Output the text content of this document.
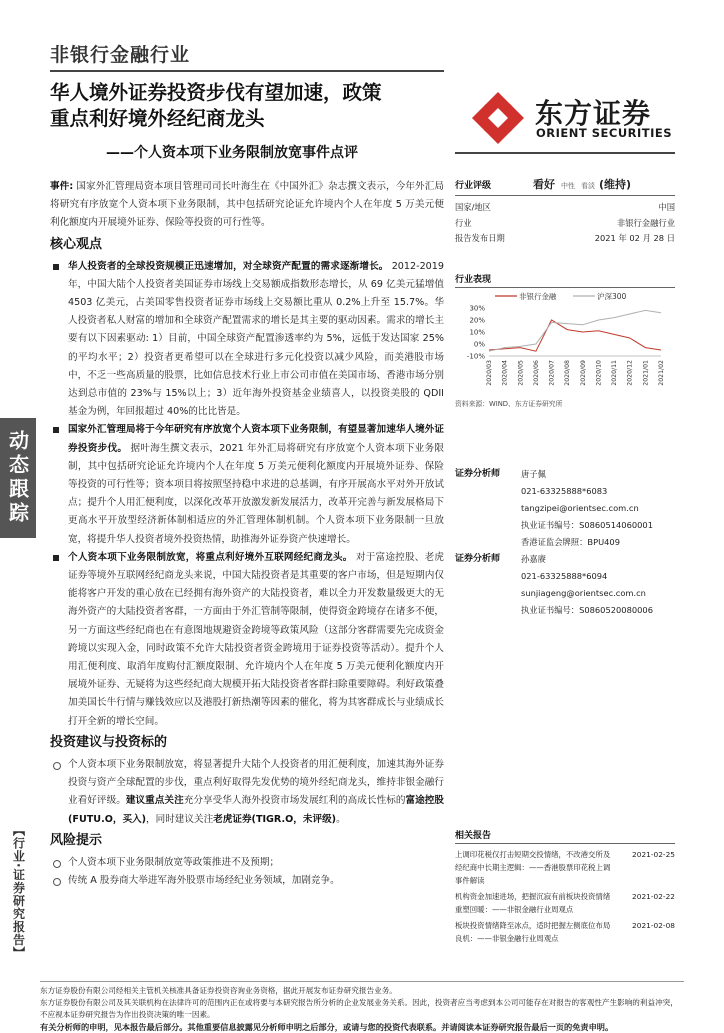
动态跟踪
【行业·证券研究报告】
非银行金融行业
华人境外证券投资步伐有望加速，政策
重点利好境外经纪商龙头
——个人资本项下业务限制放宽事件点评
东方证券
ORIENT SECURITIES

事件: 国家外汇管理局资本项目管理司司长叶海生在《中国外汇》杂志撰文表示，今年外汇局将研究有序放宽个人资本项下业务限制，其中包括研究论证允许境内个人在年度 5 万美元便利化额度内开展境外证券、保险等投资的可行性等。

核心观点

华人投资者的全球投资规模正迅速增加，对全球资产配置的需求逐渐增长。 2012-2019 年，中国大陆个人投资者美国证券市场线上交易额成指数形态增长，从 69 亿美元猛增值 4503 亿美元，占美国零售投资者证券市场线上交易额比重从 0.2%上升至 15.7%。华人投资者私人财富的增加和全球资产配置需求的增长是其主要的驱动因素。需求的增长主要有以下因素驱动: 1）目前，中国全球资产配置渗透率约为 5%，远低于发达国家 25%的平均水平；2）投资者更希望可以在全球进行多元化投资以减少风险，而美港股市场中，不乏一些高质量的股票，比如信息技术行业上市公司市值在美国市场、香港市场分别达到总市值的 23%与 15%以上；3）近年海外投资基金业绩喜人，以投资美股的 QDII 基金为例，年回报超过 40%的比比皆是。

国家外汇管理局将于今年研究有序放宽个人资本项下业务限制，有望显著加速华人境外证券投资步伐。 据叶海生撰文表示，2021 年外汇局将研究有序放宽个人资本项下业务限制，其中包括研究论证允许境内个人在年度 5 万美元便利化额度内开展境外证券、保险等投资的可行性等；资本项目将按照坚持稳中求进的总基调，有序开展高水平对外开放试点；提升个人用汇便利度，以深化改革开放激发新发展活力，改革开完善与新发展格局下更高水平开放型经济新体制相适应的外汇管理体制机制。个人资本项下业务限制一旦放宽，将提升华人投资者境外投资热情，助推海外证券资产快速增长。

个人资本项下业务限制放宽，将重点利好境外互联网经纪商龙头。 对于富途控股、老虎证券等境外互联网经纪商龙头来说，中国大陆投资者是其重要的客户市场，但是短期内仅能将客户开发的重心放在已经拥有海外资产的大陆投资者，难以全力开发数量级更大的无海外资产的大陆投资者客群，一方面由于外汇管制等限制，使得资金跨境存在诸多不便，另一方面这些经纪商也在有意图地规避资金跨境等政策风险（这部分客群需要先完成资金跨境以实现入金，同时政策不允许大陆投资者资金跨境用于证券投资等活动）。提升个人用汇便利度、取消年度购付汇额度限制、允许境内个人在年度 5 万美元便利化额度内开展境外证券、无疑将为这些经纪商大规模开拓大陆投资者客群扫除重要障碍。利好政策叠加美国长牛行情与赚钱效应以及港股打新热潮等因素的催化，将为其客群成长与业绩成长打开全新的增长空间。

投资建议与投资标的

个人资本项下业务限制放宽，将显著提升大陆个人投资者的用汇便利度，加速其海外证券投资与资产全球配置的步伐，重点利好取得先发优势的境外经纪商龙头，维持非银金融行业看好评级。建议重点关注充分享受华人海外投资市场发展红利的高成长性标的富途控股(FUTU.O，买入)，同时建议关注老虎证券(TIGR.O，未评级)。

风险提示

个人资本项下业务限制放宽等政策推进不及预期；

传统 A 股券商大举进军海外股票市场经纪业务领域，加剧竞争。

行业评级	看好 中性 看淡 (维持)
国家/地区	中国
行业	非银行金融行业
报告发布日期	2021 年 02 月 28 日
行业表现
非银行金融	沪深300
30%
20%
10%
0%
-10%
2020/03 2020/04 2020/05 2020/06 2020/07 2020/08 2020/09 2020/10 2020/11 2020/12 2021/01 2021/02
资料来源：WIND、东方证券研究所
证券分析师	唐子佩
021-63325888*6083
tangzipei@orientsec.com.cn
执业证书编号：S0860514060001
香港证监会牌照：BPU409
证券分析师	孙嘉赓
021-63325888*6094
sunjiageng@orientsec.com.cn
执业证书编号：S0860520080006
相关报告
上调印花税仅打击短期交投情绪，不改港交所及经纪商中长期主逻辑：——香港股票印花税上调事件解读
2021-02-25
机构资金加速进场，把握沉寂有前板块投资情绪重塑回暖：——非银金融行业周观点
2021-02-22
板块投资情绪降至冰点，适时把握左侧底位布局良机：——非银金融行业周观点
2021-02-08
东方证券股份有限公司经相关主管机关核准具备证券投资咨询业务资格，据此开展发布证券研究报告业务。
东方证券股份有限公司及其关联机构在法律许可的范围内正在或将要与本研究报告所分析的企业发展业务关系。因此，投资者应当考虑到本公司可能存在对报告的客观性产生影响的利益冲突，不应视本证券研究报告为作出投资决策的唯一因素。
有关分析师的申明，见本报告最后部分。其他重要信息披露见分析师申明之后部分，或请与您的投资代表联系。并请阅读本证券研究报告最后一页的免责申明。
